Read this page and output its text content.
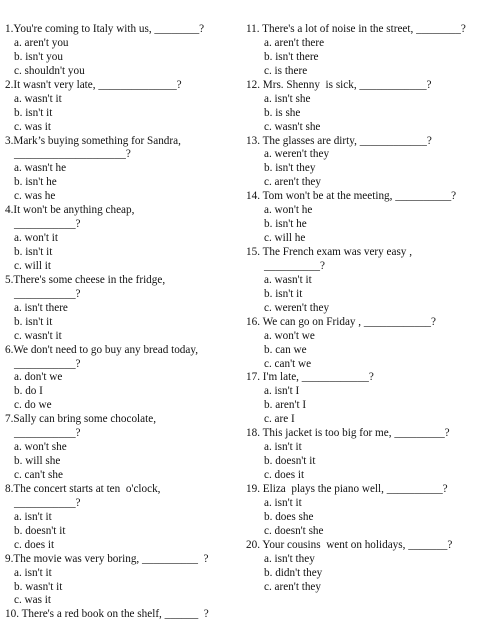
1.You're coming to Italy with us, ________?
a. aren't you
b. isn't you
c. shouldn't you
2.It wasn't very late, ______________?
a. wasn't it
b. isn't it
c. was it
3.Mark’s buying something for Sandra,
____________________?
a. wasn't he
b. isn't he
c. was he
4.It won't be anything cheap,
___________?
a. won't it
b. isn't it
c. will it
5.There's some cheese in the fridge,
___________?
a. isn't there
b. isn't it
c. wasn't it
6.We don't need to go buy any bread today,
___________?
a. don't we
b. do I
c. do we
7.Sally can bring some chocolate,
___________?
a. won't she
b. will she
c. can't she
8.The concert starts at ten  o'clock,
___________?
a. isn't it
b. doesn't it
c. does it
9.The movie was very boring, __________  ?
a. isn't it
b. wasn't it
c. was it
10. There's a red book on the shelf, ______  ?
11. There's a lot of noise in the street, ________?
a. aren't there
b. isn't there
c. is there
12. Mrs. Shenny  is sick, ____________?
a. isn't she
b. is she
c. wasn't she
13. The glasses are dirty, ____________?
a. weren't they
b. isn't they
c. aren't they
14. Tom won't be at the meeting, __________?
a. won't he
b. isn't he
c. will he
15. The French exam was very easy ,
__________?
a. wasn't it
b. isn't it
c. weren't they
16. We can go on Friday , ____________?
a. won't we
b. can we
c. can't we
17. I'm late, ____________?
a. isn't I
b. aren't I
c. are I
18. This jacket is too big for me, _________?
a. isn't it
b. doesn't it
c. does it
19. Eliza  plays the piano well, __________?
a. isn't it
b. does she
c. doesn't she
20. Your cousins  went on holidays, _______?
a. isn't they
b. didn't they
c. aren't they
